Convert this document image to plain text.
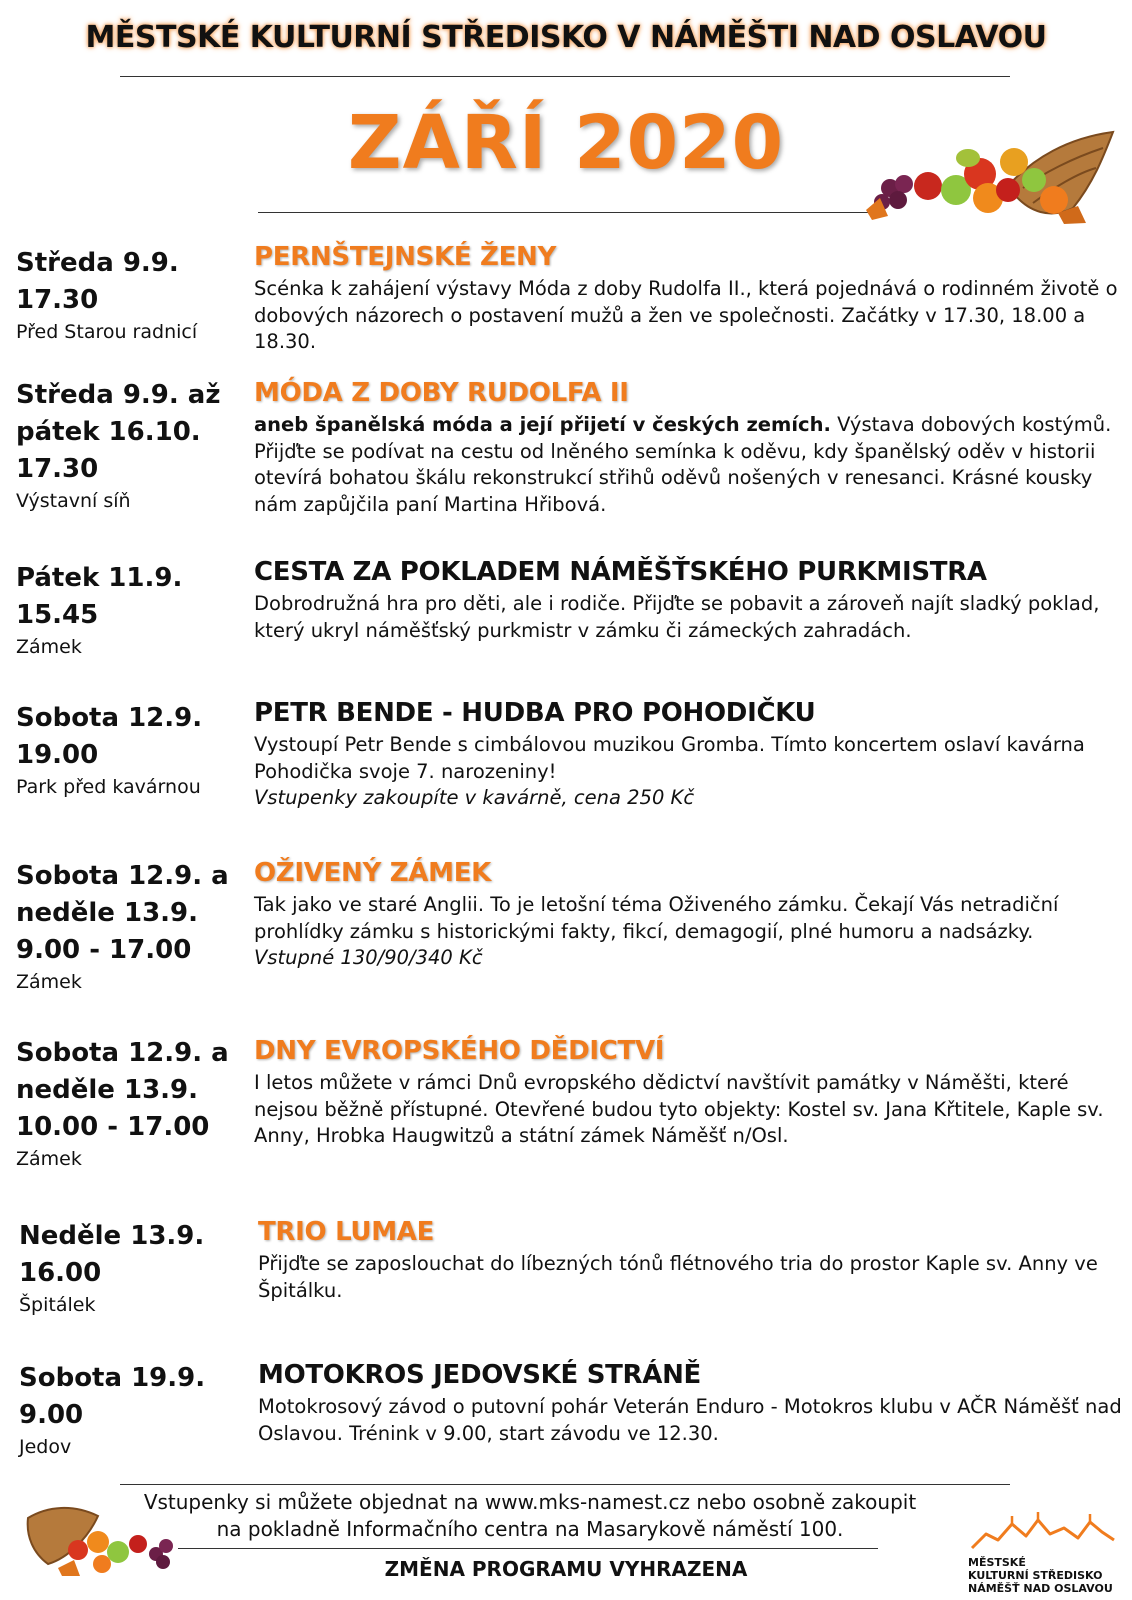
MĚSTSKÉ KULTURNÍ STŘEDISKO V NÁMĚŠTI NAD OSLAVOU
ZÁŘÍ 2020
Středa 9.9.
17.30
Před Starou radnicí
PERNŠTEJNSKÉ ŽENY
Scénka k zahájení výstavy Móda z doby Rudolfa II., která pojednává o rodinném životě o dobových názorech o postavení mužů a žen ve společnosti. Začátky v 17.30, 18.00 a 18.30.
Středa 9.9. až
pátek 16.10.
17.30
Výstavní síň
MÓDA Z DOBY RUDOLFA II
aneb španělská móda a její přijetí v českých zemích. Výstava dobových kostýmů. Přijďte se podívat na cestu od lněného semínka k oděvu, kdy španělský oděv v historii otevírá bohatou škálu rekonstrukcí střihů oděvů nošených v renesanci. Krásné kousky nám zapůjčila paní Martina Hřibová.
Pátek 11.9.
15.45
Zámek
CESTA ZA POKLADEM NÁMĚŠŤSKÉHO PURKMISTRA
Dobrodružná hra pro děti, ale i rodiče. Přijďte se pobavit a zároveň najít sladký poklad, který ukryl náměšťský purkmistr v zámku či zámeckých zahradách.
Sobota 12.9.
19.00
Park před kavárnou
PETR BENDE - HUDBA PRO POHODIČKU
Vystoupí Petr Bende s cimbálovou muzikou Gromba. Tímto koncertem oslaví kavárna Pohodička svoje 7. narozeniny!
Vstupenky zakoupíte v kavárně, cena 250 Kč
Sobota 12.9. a
neděle 13.9.
9.00 - 17.00
Zámek
OŽIVENÝ ZÁMEK
Tak jako ve staré Anglii. To je letošní téma Oživeného zámku. Čekají Vás netradiční prohlídky zámku s historickými fakty, fikcí, demagogií, plné humoru a nadsázky.
Vstupné 130/90/340 Kč
Sobota 12.9. a
neděle 13.9.
10.00 - 17.00
Zámek
DNY EVROPSKÉHO DĚDICTVÍ
I letos můžete v rámci Dnů evropského dědictví navštívit památky v Náměšti, které nejsou běžně přístupné. Otevřené budou tyto objekty: Kostel sv. Jana Křtitele, Kaple sv. Anny, Hrobka Haugwitzů a státní zámek Náměšť n/Osl.
Neděle 13.9.
16.00
Špitálek
TRIO LUMAE
Přijďte se zaposlouchat do líbezných tónů flétnového tria do prostor Kaple sv. Anny ve Špitálku.
Sobota 19.9.
9.00
Jedov
MOTOKROS JEDOVSKÉ STRÁNĚ
Motokrosový závod o putovní pohár Veterán Enduro - Motokros klubu v AČR Náměšť nad Oslavou. Trénink v 9.00, start závodu ve 12.30.
Vstupenky si můžete objednat na www.mks-namest.cz nebo osobně zakoupit
na pokladně Informačního centra na Masarykově náměstí 100.
ZMĚNA PROGRAMU VYHRAZENA	MĚSTSKÉ
KULTURNÍ STŘEDISKO
NÁMĚŠŤ NAD OSLAVOU
